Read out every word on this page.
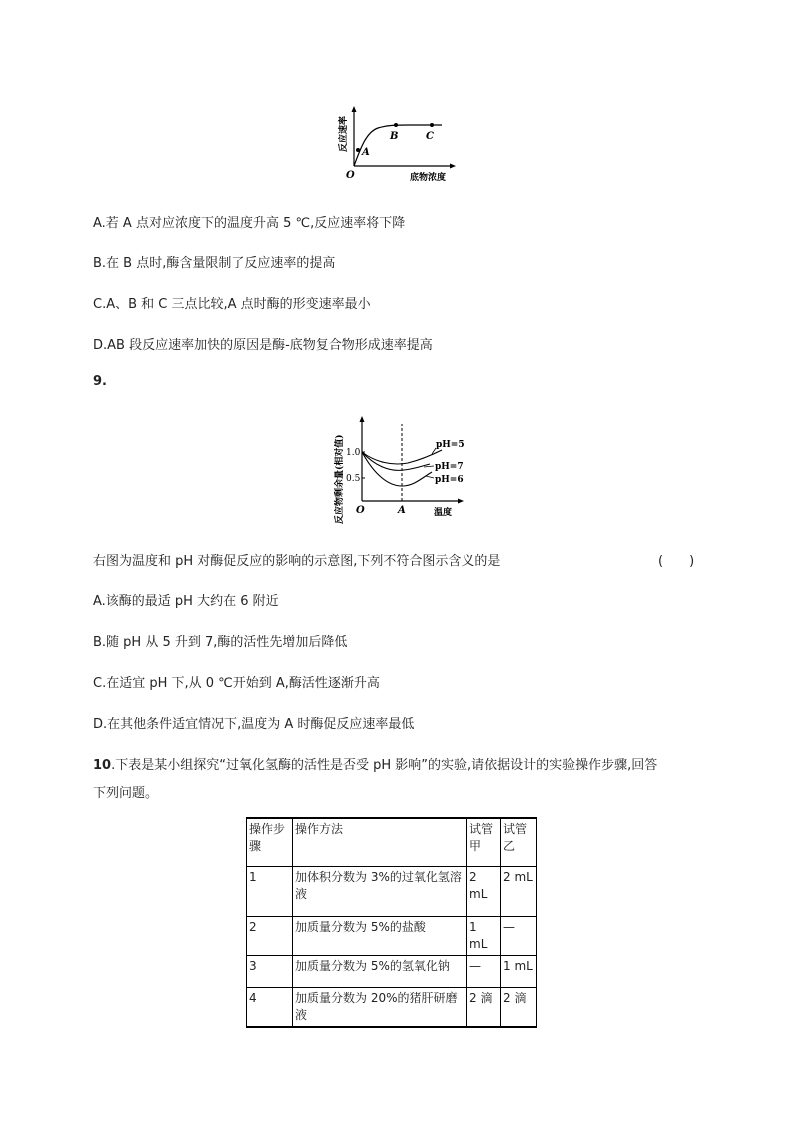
A
B	C
O	底物浓度
反应速率
A.若 A 点对应浓度下的温度升高 5 ℃,反应速率将下降
B.在 B 点时,酶含量限制了反应速率的提高
C.A、B 和 C 三点比较,A 点时酶的形变速率最小
D.AB 段反应速率加快的原因是酶-底物复合物形成速率提高
9.
pH=5
pH=7
pH=6
1.0
0.5
O	A	温度
反应物剩余量(相对值)
右图为温度和 pH 对酶促反应的影响的示意图,下列不符合图示含义的是	(　　)
A.该酶的最适 pH 大约在 6 附近
B.随 pH 从 5 升到 7,酶的活性先增加后降低
C.在适宜 pH 下,从 0 ℃开始到 A,酶活性逐渐升高
D.在其他条件适宜情况下,温度为 A 时酶促反应速率最低
10.下表是某小组探究“过氧化氢酶的活性是否受 pH 影响”的实验,请依据设计的实验操作步骤,回答
下列问题。
操作步骤	操作方法	试管甲	试管乙
1	加体积分数为 3%的过氧化氢溶液	2 mL	2 mL
2	加质量分数为 5%的盐酸	1 mL	—
3	加质量分数为 5%的氢氧化钠	—	1 mL
4	加质量分数为 20%的猪肝研磨液	2 滴	2 滴
